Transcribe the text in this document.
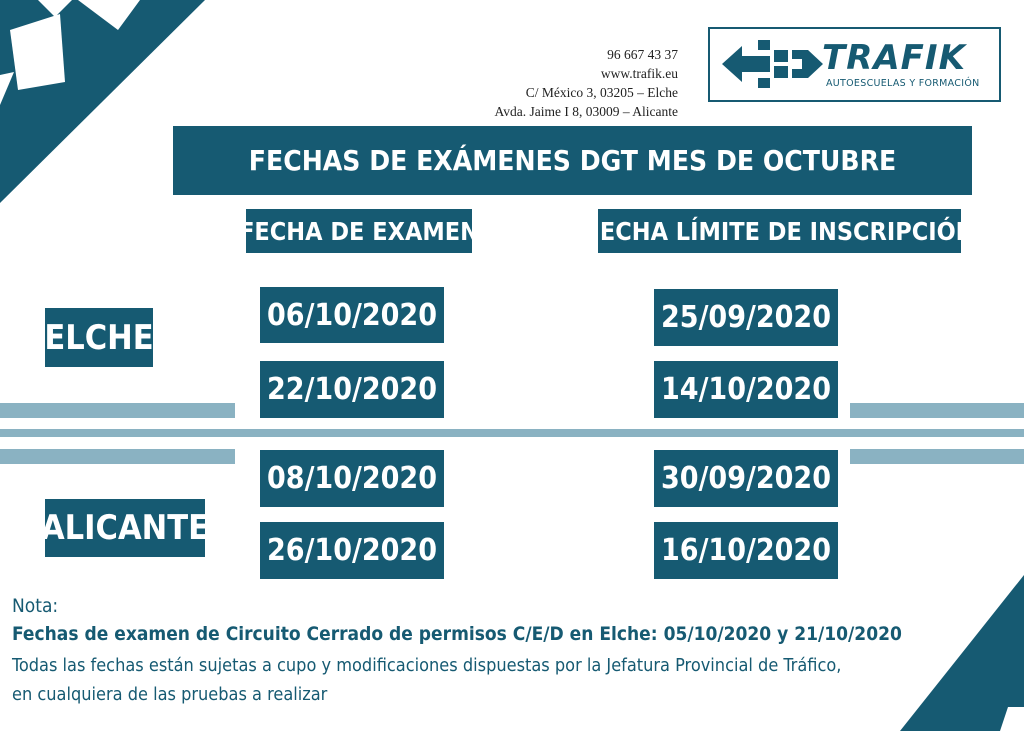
96 667 43 37
www.trafik.eu
C/ México 3, 03205 – Elche
Avda. Jaime I 8, 03009 – Alicante
TRAFIK
AUTOESCUELAS Y FORMACIÓN
FECHAS DE EXÁMENES DGT MES DE OCTUBRE
FECHA DE EXAMEN	FECHA LÍMITE DE INSCRIPCIÓN
ELCHE
06/10/2020	25/09/2020
22/10/2020	14/10/2020
ALICANTE
08/10/2020	30/09/2020
26/10/2020	16/10/2020
Nota:
Fechas de examen de Circuito Cerrado de permisos C/E/D en Elche: 05/10/2020 y 21/10/2020
Todas las fechas están sujetas a cupo y modificaciones dispuestas por la Jefatura Provincial de Tráfico,
en cualquiera de las pruebas a realizar
